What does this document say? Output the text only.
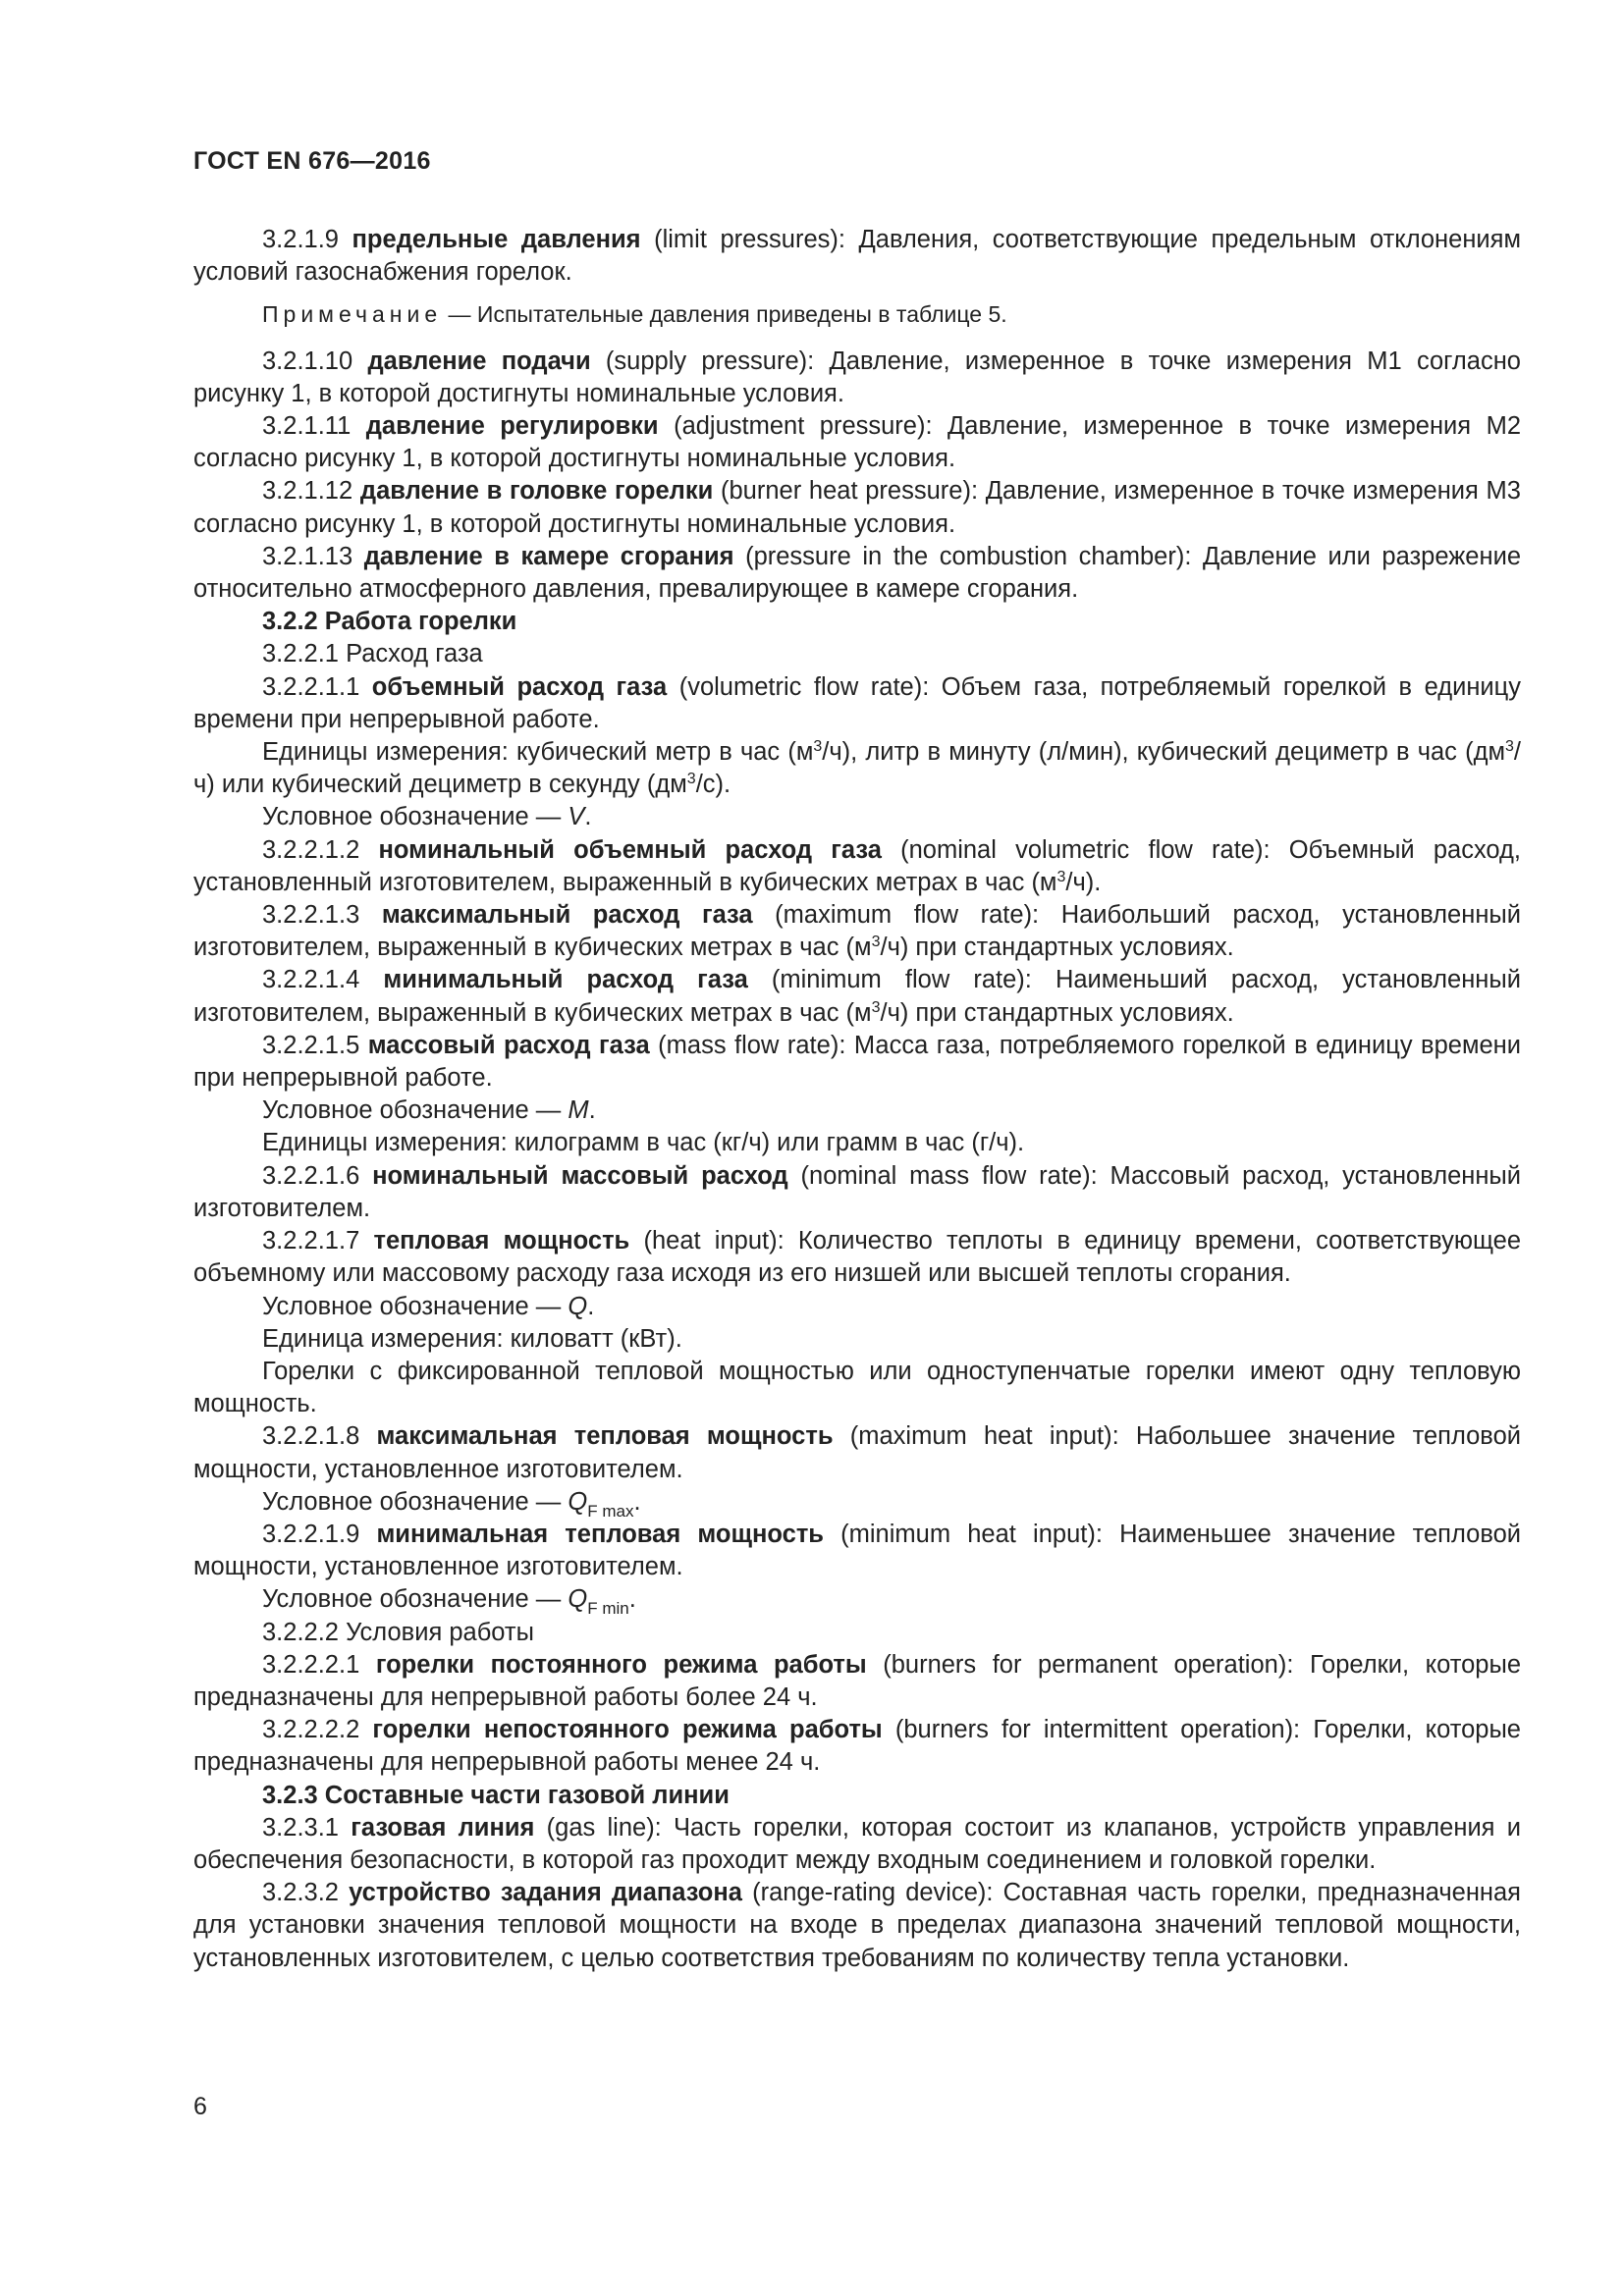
ГОСТ EN 676—2016

3.2.1.9 предельные давления (limit pressures): Давления, соответствующие предельным отклонениям условий газоснабжения горелок.

Примечание — Испытательные давления приведены в таблице 5.

3.2.1.10 давление подачи (supply pressure): Давление, измеренное в точке измерения М1 согласно рисунку 1, в которой достигнуты номинальные условия.

3.2.1.11 давление регулировки (adjustment pressure): Давление, измеренное в точке измерения М2 согласно рисунку 1, в которой достигнуты номинальные условия.

3.2.1.12 давление в головке горелки (burner heat pressure): Давление, измеренное в точке измерения М3 согласно рисунку 1, в которой достигнуты номинальные условия.

3.2.1.13 давление в камере сгорания (pressure in the combustion chamber): Давление или разрежение относительно атмосферного давления, превалирующее в камере сгорания.

3.2.2 Работа горелки

3.2.2.1 Расход газа

3.2.2.1.1 объемный расход газа (volumetric flow rate): Объем газа, потребляемый горелкой в единицу времени при непрерывной работе.

Единицы измерения: кубический метр в час $(м^3/ч)$, литр в минуту (л/мин), кубический дециметр в час $(дм^3/ч)$ или кубический дециметр в секунду $(дм^3/с)$.

Условное обозначение — V.

3.2.2.1.2 номинальный объемный расход газа (nominal volumetric flow rate): Объемный расход, установленный изготовителем, выраженный в кубических метрах в час $(м^3/ч)$.

3.2.2.1.3 максимальный расход газа (maximum flow rate): Наибольший расход, установленный изготовителем, выраженный в кубических метрах в час $(м^3/ч)$ при стандартных условиях.

3.2.2.1.4 минимальный расход газа (minimum flow rate): Наименьший расход, установленный изготовителем, выраженный в кубических метрах в час $(м^3/ч)$ при стандартных условиях.

3.2.2.1.5 массовый расход газа (mass flow rate): Масса газа, потребляемого горелкой в единицу времени при непрерывной работе.

Условное обозначение — M.

Единицы измерения: килограмм в час (кг/ч) или грамм в час (г/ч).

3.2.2.1.6 номинальный массовый расход (nominal mass flow rate): Массовый расход, установленный изготовителем.

3.2.2.1.7 тепловая мощность (heat input): Количество теплоты в единицу времени, соответствующее объемному или массовому расходу газа исходя из его низшей или высшей теплоты сгорания.

Условное обозначение — Q.

Единица измерения: киловатт (кВт).

Горелки с фиксированной тепловой мощностью или одноступенчатые горелки имеют одну тепловую мощность.

3.2.2.1.8 максимальная тепловая мощность (maximum heat input): Набольшее значение тепловой мощности, установленное изготовителем.

Условное обозначение — $Q_{F max}$.

3.2.2.1.9 минимальная тепловая мощность (minimum heat input): Наименьшее значение тепловой мощности, установленное изготовителем.

Условное обозначение — $Q_{F min}$.

3.2.2.2 Условия работы

3.2.2.2.1 горелки постоянного режима работы (burners for permanent operation): Горелки, которые предназначены для непрерывной работы более 24 ч.

3.2.2.2.2 горелки непостоянного режима работы (burners for intermittent operation): Горелки, которые предназначены для непрерывной работы менее 24 ч.

3.2.3 Составные части газовой линии

3.2.3.1 газовая линия (gas line): Часть горелки, которая состоит из клапанов, устройств управления и обеспечения безопасности, в которой газ проходит между входным соединением и головкой горелки.

3.2.3.2 устройство задания диапазона (range-rating device): Составная часть горелки, предназначенная для установки значения тепловой мощности на входе в пределах диапазона значений тепловой мощности, установленных изготовителем, с целью соответствия требованиям по количеству тепла установки.

6
